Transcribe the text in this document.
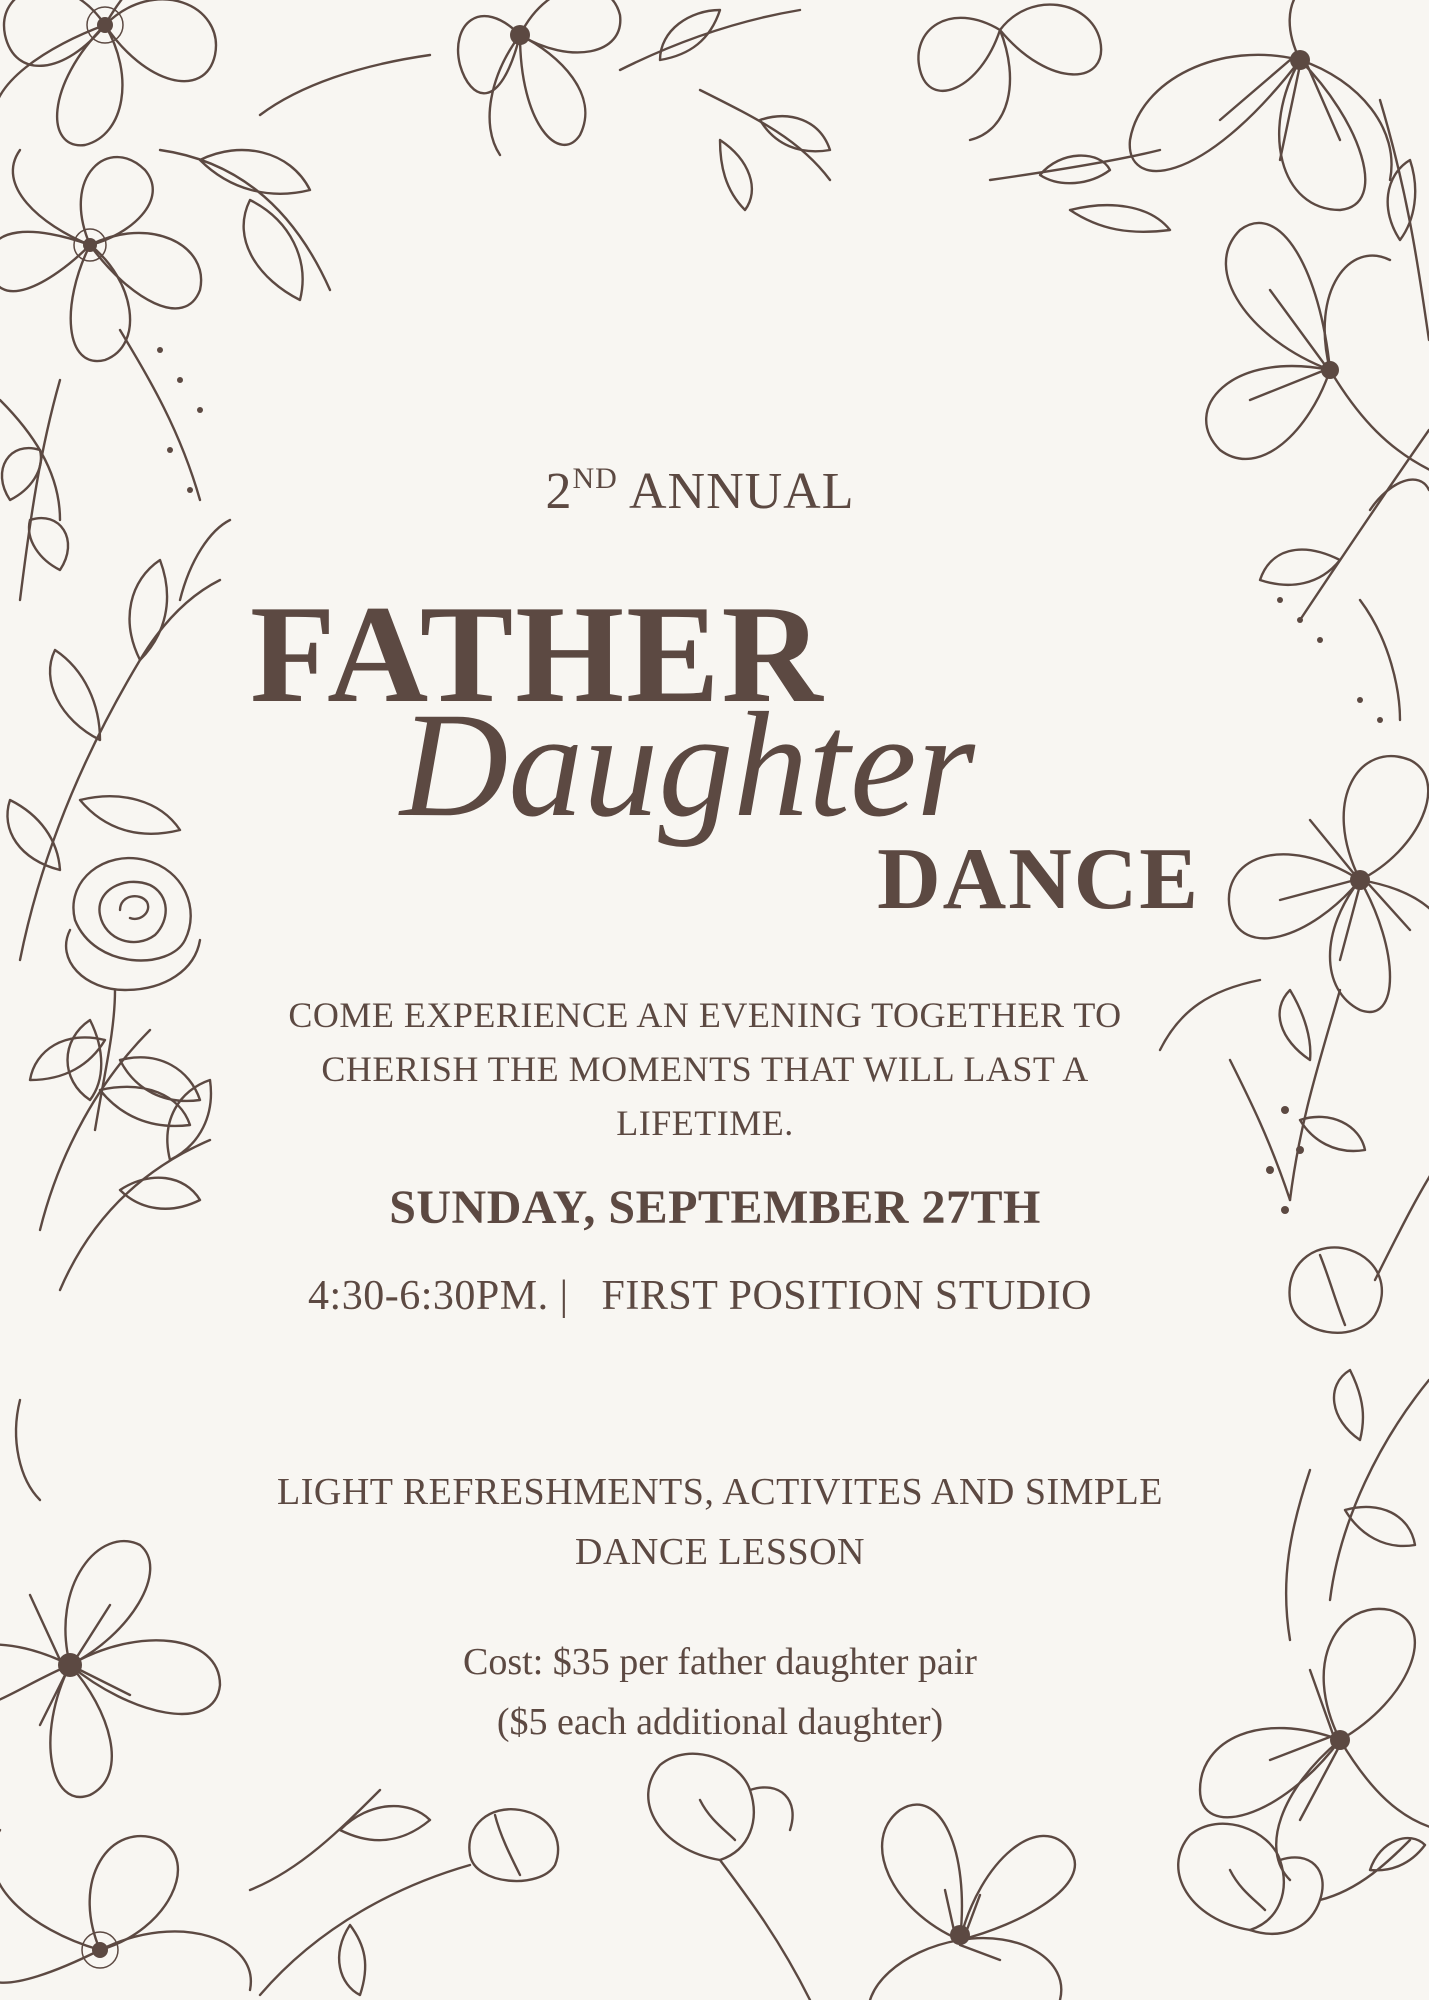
2ND ANNUAL

FATHER

Daughter

DANCE

COME EXPERIENCE AN EVENING TOGETHER TO
CHERISH THE MOMENTS THAT WILL LAST A
LIFETIME.

SUNDAY, SEPTEMBER 27TH

4:30-6:30PM. |   FIRST POSITION STUDIO

LIGHT REFRESHMENTS, ACTIVITES AND SIMPLE
DANCE LESSON
Cost: $35 per father daughter pair
($5 each additional daughter)
